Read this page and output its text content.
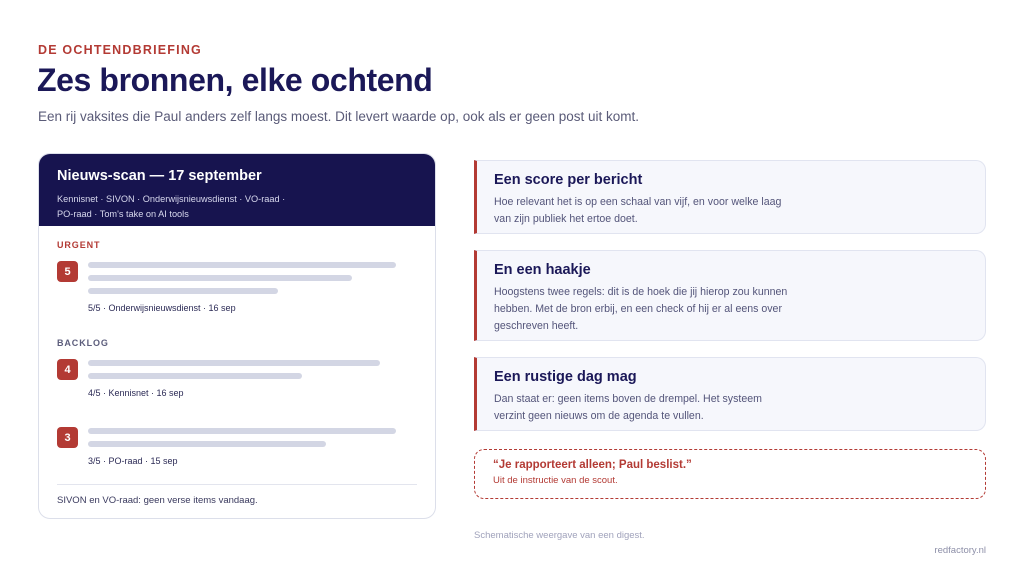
DE OCHTENDBRIEFING
Zes bronnen, elke ochtend

Een rij vaksites die Paul anders zelf langs moest. Dit levert waarde op, ook als er geen post uit komt.

Nieuws-scan — 17 september
Kennisnet · SIVON · Onderwijsnieuwsdienst · VO-raad ·
PO-raad · Tom's take on AI tools
URGENT
5
5/5 · Onderwijsnieuwsdienst · 16 sep
BACKLOG
4
4/5 · Kennisnet · 16 sep
3
3/5 · PO-raad · 15 sep
SIVON en VO-raad: geen verse items vandaag.
Een score per bericht

Hoe relevant het is op een schaal van vijf, en voor welke laag van zijn publiek het ertoe doet.

En een haakje

Hoogstens twee regels: dit is de hoek die jij hierop zou kunnen hebben. Met de bron erbij, en een check of hij er al eens over geschreven heeft.

Een rustige dag mag

Dan staat er: geen items boven de drempel. Het systeem verzint geen nieuws om de agenda te vullen.

“Je rapporteert alleen; Paul beslist.”
Uit de instructie van de scout.
Schematische weergave van een digest.
redfactory.nl
